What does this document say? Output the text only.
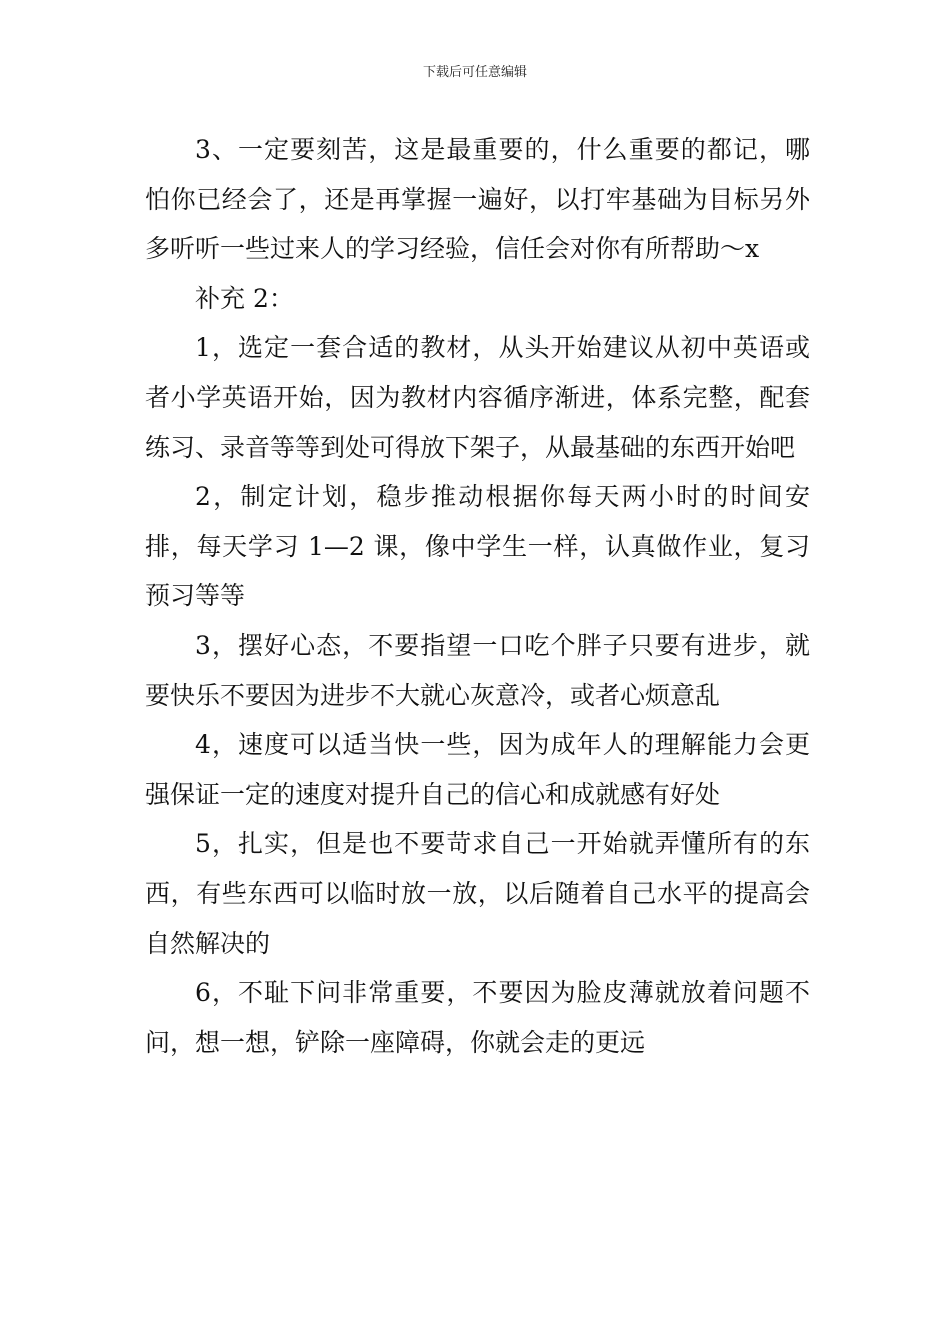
下载后可任意编辑

3、一定要刻苦，这是最重要的，什么重要的都记，哪怕你已经会了，还是再掌握一遍好，以打牢基础为目标另外多听听一些过来人的学习经验，信任会对你有所帮助～x

补充 2：

1，选定一套合适的教材，从头开始建议从初中英语或者小学英语开始，因为教材内容循序渐进，体系完整，配套练习、录音等等到处可得放下架子，从最基础的东西开始吧

2，制定计划，稳步推动根据你每天两小时的时间安排，每天学习 1—2 课，像中学生一样，认真做作业，复习预习等等

3，摆好心态，不要指望一口吃个胖子只要有进步，就要快乐不要因为进步不大就心灰意冷，或者心烦意乱

4，速度可以适当快一些，因为成年人的理解能力会更强保证一定的速度对提升自己的信心和成就感有好处

5，扎实，但是也不要苛求自己一开始就弄懂所有的东西，有些东西可以临时放一放，以后随着自己水平的提高会自然解决的

6，不耻下问非常重要，不要因为脸皮薄就放着问题不问，想一想，铲除一座障碍，你就会走的更远
